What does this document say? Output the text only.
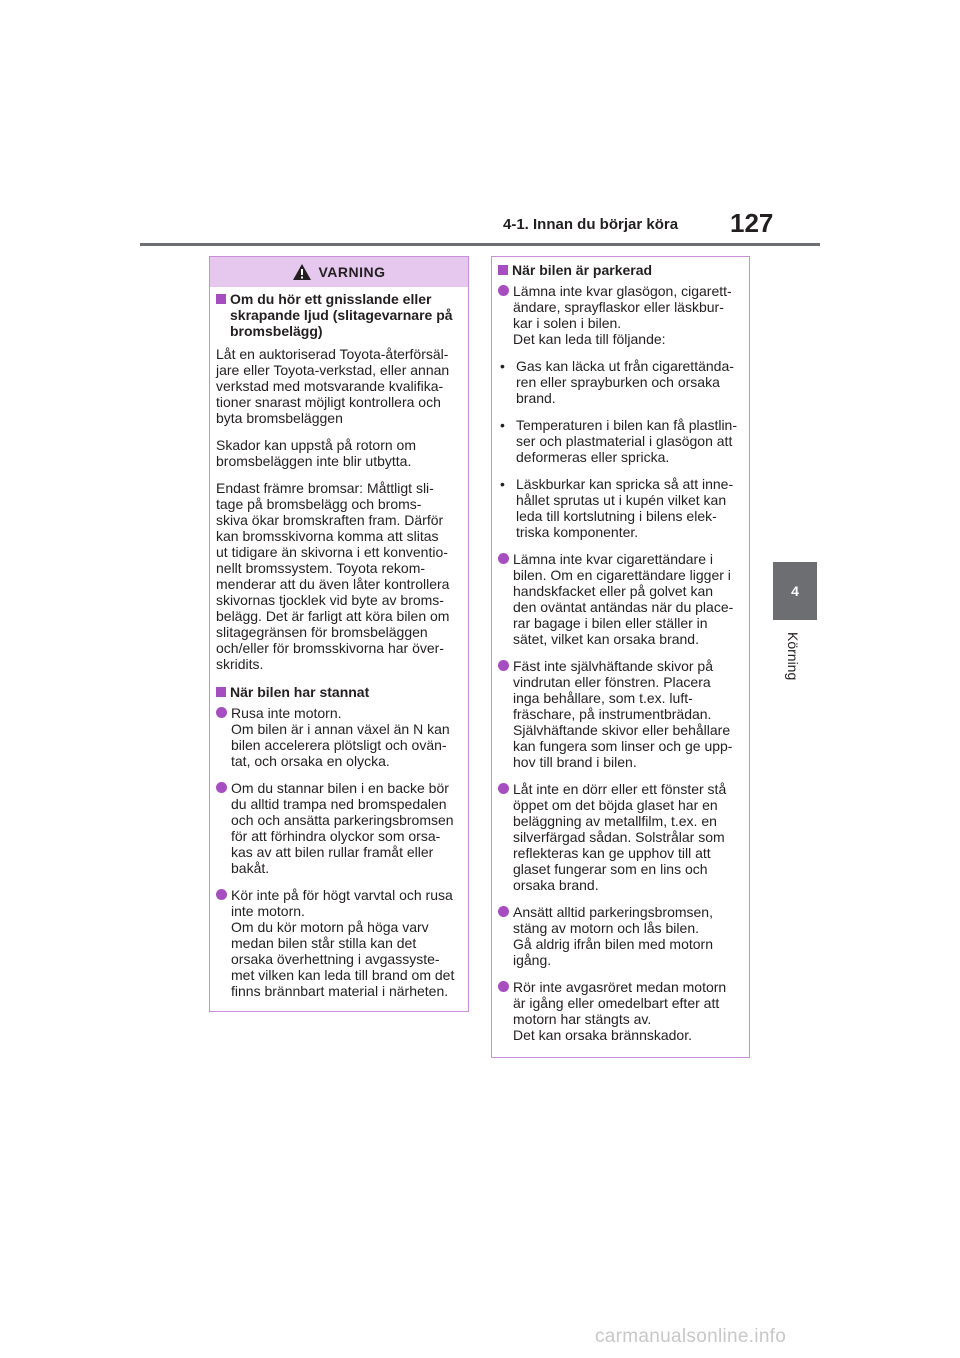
4-1. Innan du börjar köra 127
4
Körning
VARNING
Om du hör ett gnisslande eller
skrapande ljud (slitagevarnare på
bromsbelägg)

Låt en auktoriserad Toyota-återförsäl-
jare eller Toyota-verkstad, eller annan
verkstad med motsvarande kvalifika-
tioner snarast möjligt kontrollera och
byta bromsbeläggen

Skador kan uppstå på rotorn om
bromsbeläggen inte blir utbytta.

Endast främre bromsar: Måttligt sli-
tage på bromsbelägg och broms-
skiva ökar bromskraften fram. Därför
kan bromsskivorna komma att slitas
ut tidigare än skivorna i ett konventio-
nellt bromssystem. Toyota rekom-
menderar att du även låter kontrollera
skivornas tjocklek vid byte av broms-
belägg. Det är farligt att köra bilen om
slitagegränsen för bromsbeläggen
och/eller för bromsskivorna har över-
skridits.

När bilen har stannat
Rusa inte motorn.
Om bilen är i annan växel än N kan
bilen accelerera plötsligt och ovän-
tat, och orsaka en olycka.
Om du stannar bilen i en backe bör
du alltid trampa ned bromspedalen
och och ansätta parkeringsbromsen
för att förhindra olyckor som orsa-
kas av att bilen rullar framåt eller
bakåt.
Kör inte på för högt varvtal och rusa
inte motorn.
Om du kör motorn på höga varv
medan bilen står stilla kan det
orsaka överhettning i avgassyste-
met vilken kan leda till brand om det
finns brännbart material i närheten.
När bilen är parkerad
Lämna inte kvar glasögon, cigarett-
ändare, sprayflaskor eller läskbur-
kar i solen i bilen.
Det kan leda till följande:
• Gas kan läcka ut från cigarettända-
ren eller sprayburken och orsaka
brand.
• Temperaturen i bilen kan få plastlin-
ser och plastmaterial i glasögon att
deformeras eller spricka.
• Läskburkar kan spricka så att inne-
hållet sprutas ut i kupén vilket kan
leda till kortslutning i bilens elek-
triska komponenter.
Lämna inte kvar cigarettändare i
bilen. Om en cigarettändare ligger i
handskfacket eller på golvet kan
den oväntat antändas när du place-
rar bagage i bilen eller ställer in
sätet, vilket kan orsaka brand.
Fäst inte självhäftande skivor på
vindrutan eller fönstren. Placera
inga behållare, som t.ex. luft-
fräschare, på instrumentbrädan.
Självhäftande skivor eller behållare
kan fungera som linser och ge upp-
hov till brand i bilen.
Låt inte en dörr eller ett fönster stå
öppet om det böjda glaset har en
beläggning av metallfilm, t.ex. en
silverfärgad sådan. Solstrålar som
reflekteras kan ge upphov till att
glaset fungerar som en lins och
orsaka brand.
Ansätt alltid parkeringsbromsen,
stäng av motorn och lås bilen.
Gå aldrig ifrån bilen med motorn
igång.
Rör inte avgasröret medan motorn
är igång eller omedelbart efter att
motorn har stängts av.
Det kan orsaka brännskador.
carmanualsonline.info
